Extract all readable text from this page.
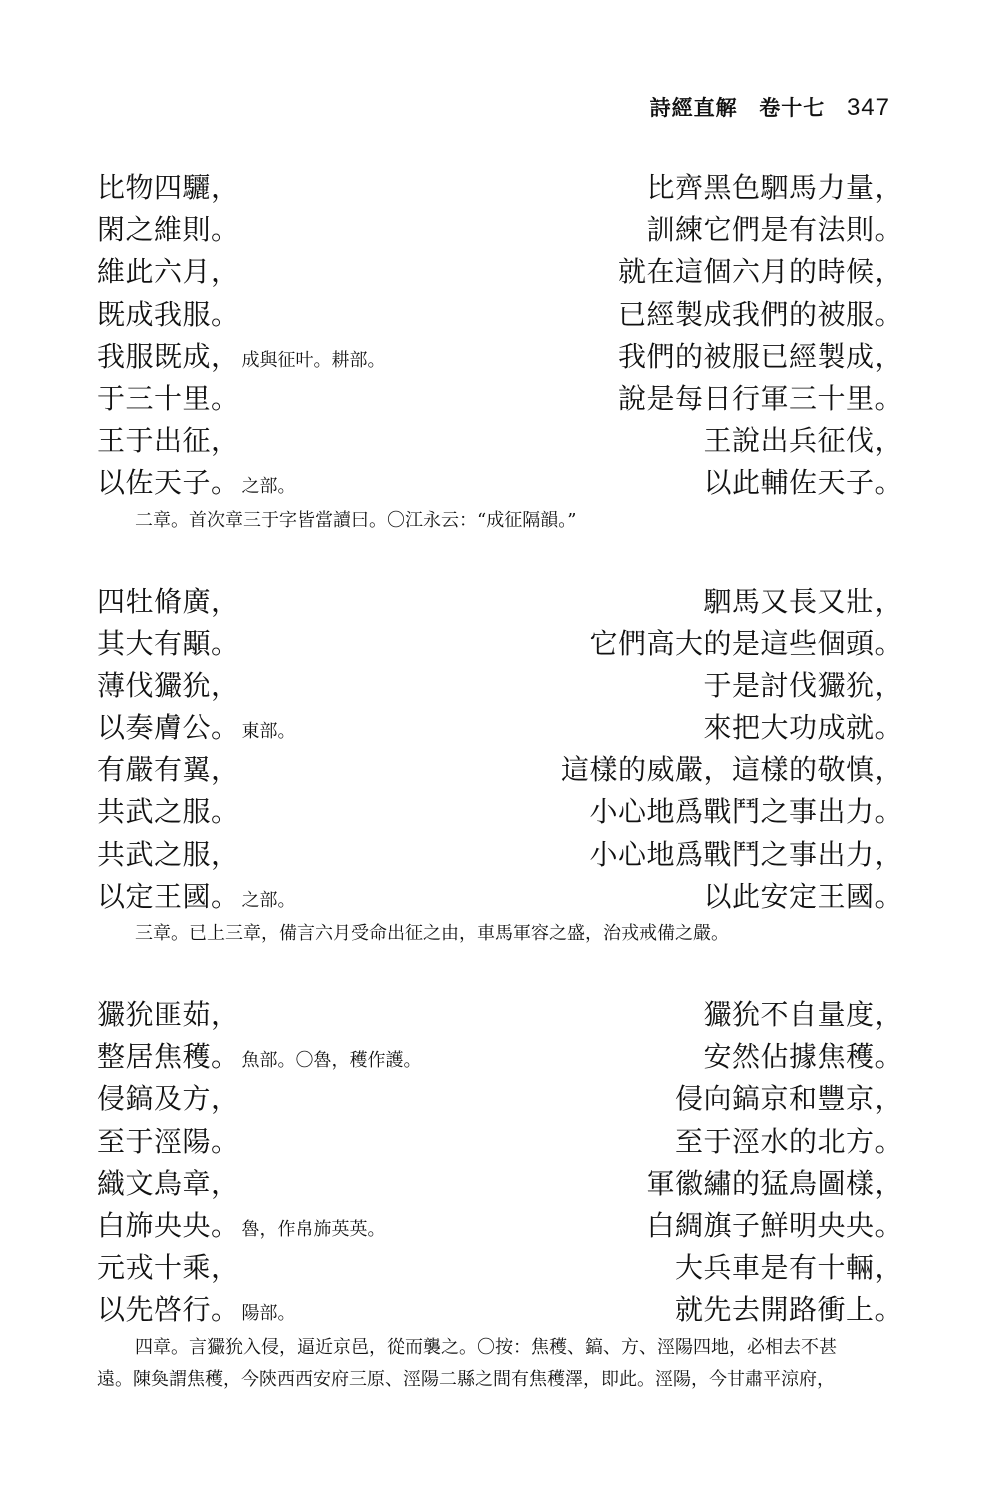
詩經直解 卷十七 347
比物四驪，	比齊黑色駟馬力量，
閑之維則。	訓練它們是有法則。
維此六月，	就在這個六月的時候，
既成我服。	已經製成我們的被服。
我服既成， 成與征叶。耕部。	我們的被服已經製成，
于三十里。	說是每日行軍三十里。
王于出征，	王說出兵征伐，
以佐天子。 之部。	以此輔佐天子。
二章。首次章三于字皆當讀曰。〇江永云：“成征隔韻。”
四牡脩廣，	駟馬又長又壯，
其大有顒。	它們高大的是這些個頭。
薄伐玁狁，	于是討伐玁狁，
以奏膚公。 東部。	來把大功成就。
有嚴有翼，	這樣的威嚴，這樣的敬慎，
共武之服。	小心地爲戰鬥之事出力。
共武之服，	小心地爲戰鬥之事出力，
以定王國。 之部。	以此安定王國。
三章。已上三章，備言六月受命出征之由，車馬軍容之盛，治戎戒備之嚴。
玁狁匪茹，	玁狁不自量度，
整居焦穫。 魚部。〇魯，穫作護。	安然佔據焦穫。
侵鎬及方，	侵向鎬京和豐京，
至于涇陽。	至于涇水的北方。
織文鳥章，	軍徽繡的猛鳥圖樣，
白斾央央。 魯，作帛斾英英。	白綢旗子鮮明央央。
元戎十乘，	大兵車是有十輛，
以先啓行。 陽部。	就先去開路衝上。
四章。言玁狁入侵，逼近京邑，從而襲之。〇按：焦穫、鎬、方、涇陽四地，必相去不甚
遠。陳奐謂焦穫，今陝西西安府三原、涇陽二縣之間有焦穫澤，即此。涇陽，今甘肅平涼府，
